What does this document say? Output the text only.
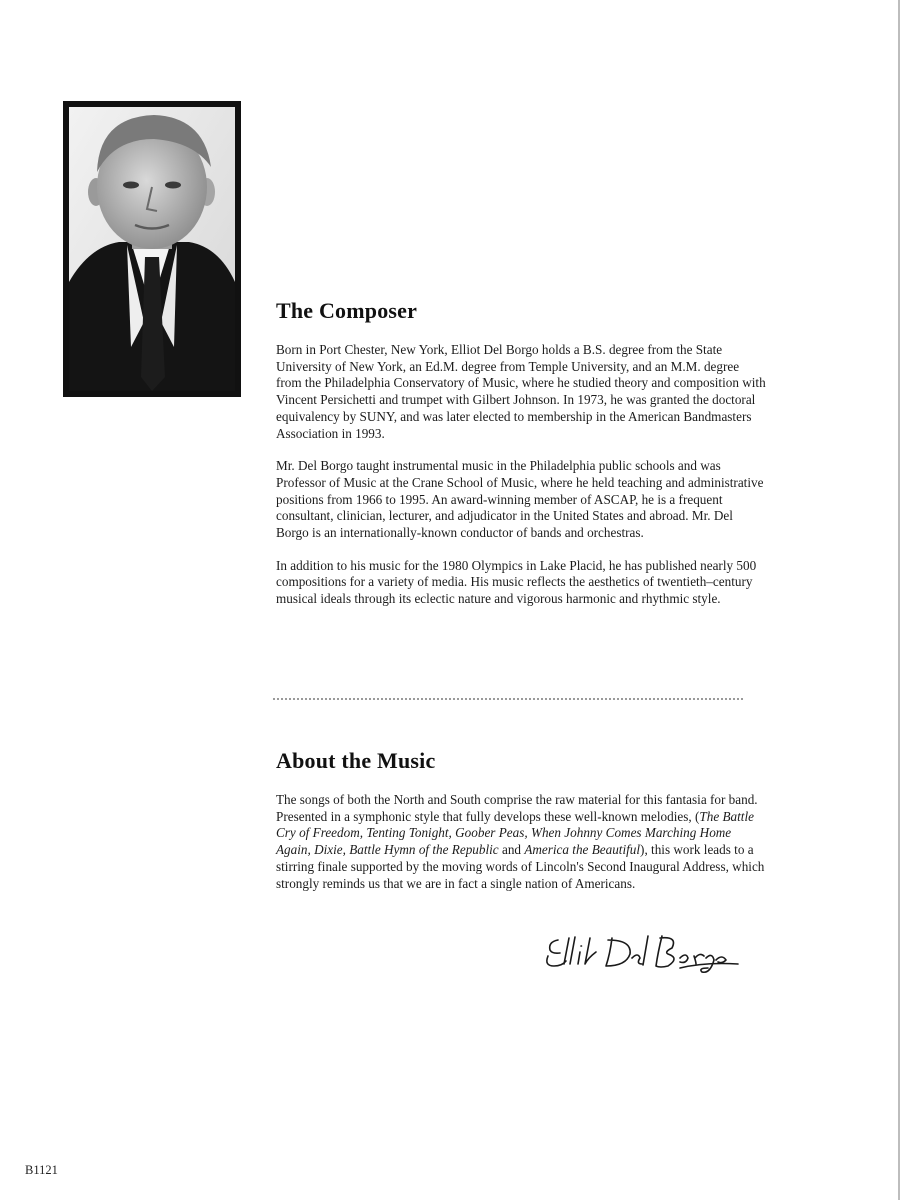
The Composer

Born in Port Chester, New York, Elliot Del Borgo holds a B.S. degree from the State University of New York, an Ed.M. degree from Temple University, and an M.M. degree from the Philadelphia Conservatory of Music, where he studied theory and composition with Vincent Persichetti and trumpet with Gilbert Johnson. In 1973, he was granted the doctoral equivalency by SUNY, and was later elected to membership in the American Bandmasters Association in 1993.

Mr. Del Borgo taught instrumental music in the Philadelphia public schools and was Professor of Music at the Crane School of Music, where he held teaching and administrative positions from 1966 to 1995. An award-winning member of ASCAP, he is a frequent consultant, clinician, lecturer, and adjudicator in the United States and abroad. Mr. Del Borgo is an internationally-known conductor of bands and orchestras.

In addition to his music for the 1980 Olympics in Lake Placid, he has published nearly 500 compositions for a variety of media. His music reflects the aesthetics of twentieth–century musical ideals through its eclectic nature and vigorous harmonic and rhythmic style.

About the Music

The songs of both the North and South comprise the raw material for this fantasia for band. Presented in a symphonic style that fully develops these well-known melodies, (The Battle Cry of Freedom, Tenting Tonight, Goober Peas, When Johnny Comes Marching Home Again, Dixie, Battle Hymn of the Republic and America the Beautiful), this work leads to a stirring finale supported by the moving words of Lincoln's Second Inaugural Address, which strongly reminds us that we are in fact a single nation of Americans.

B1121
